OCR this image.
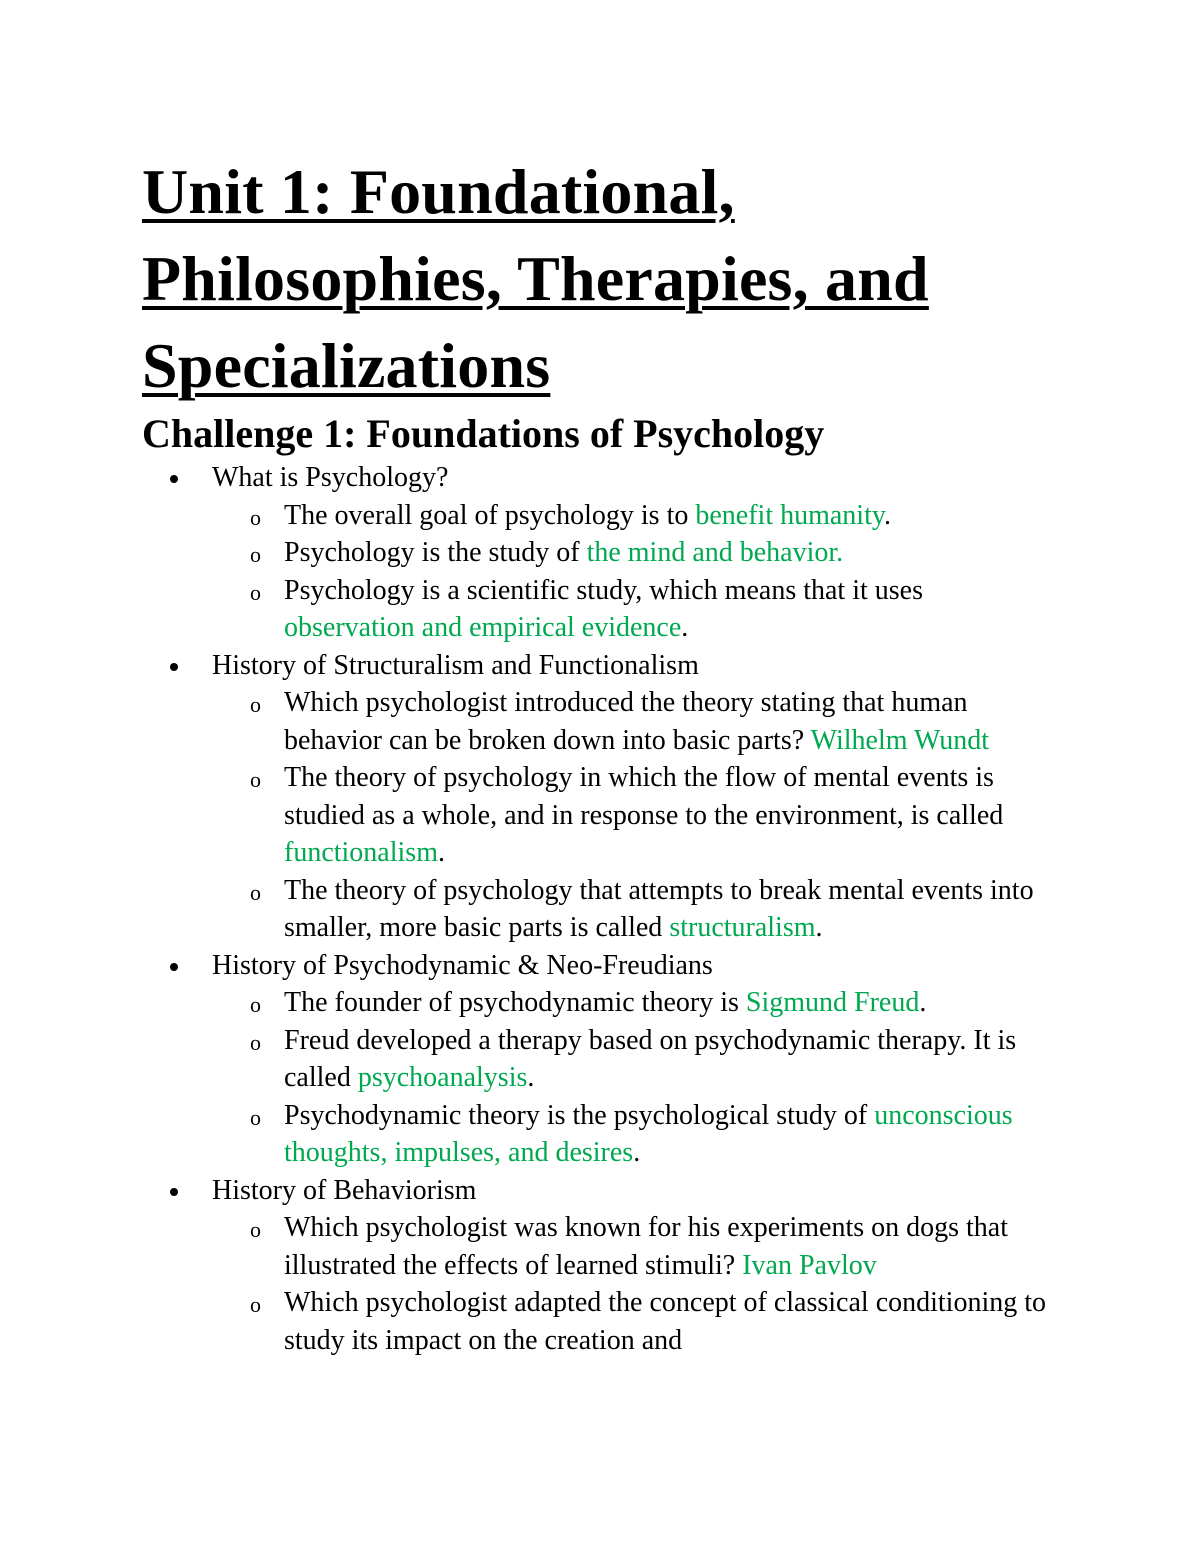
Unit 1: Foundational,
Philosophies, Therapies, and
Specializations
Challenge 1: Foundations of Psychology
What is Psychology?
o The overall goal of psychology is to benefit humanity.
o Psychology is the study of the mind and behavior.
o Psychology is a scientific study, which means that it uses observation and empirical evidence.
History of Structuralism and Functionalism
o Which psychologist introduced the theory stating that human behavior can be broken down into basic parts? Wilhelm Wundt
o The theory of psychology in which the flow of mental events is studied as a whole, and in response to the environment, is called functionalism.
o The theory of psychology that attempts to break mental events into smaller, more basic parts is called structuralism.
History of Psychodynamic & Neo-Freudians
o The founder of psychodynamic theory is Sigmund Freud.
o Freud developed a therapy based on psychodynamic therapy. It is called psychoanalysis.
o Psychodynamic theory is the psychological study of unconscious thoughts, impulses, and desires.
History of Behaviorism
o Which psychologist was known for his experiments on dogs that illustrated the effects of learned stimuli? Ivan Pavlov
o Which psychologist adapted the concept of classical conditioning to study its impact on the creation and
